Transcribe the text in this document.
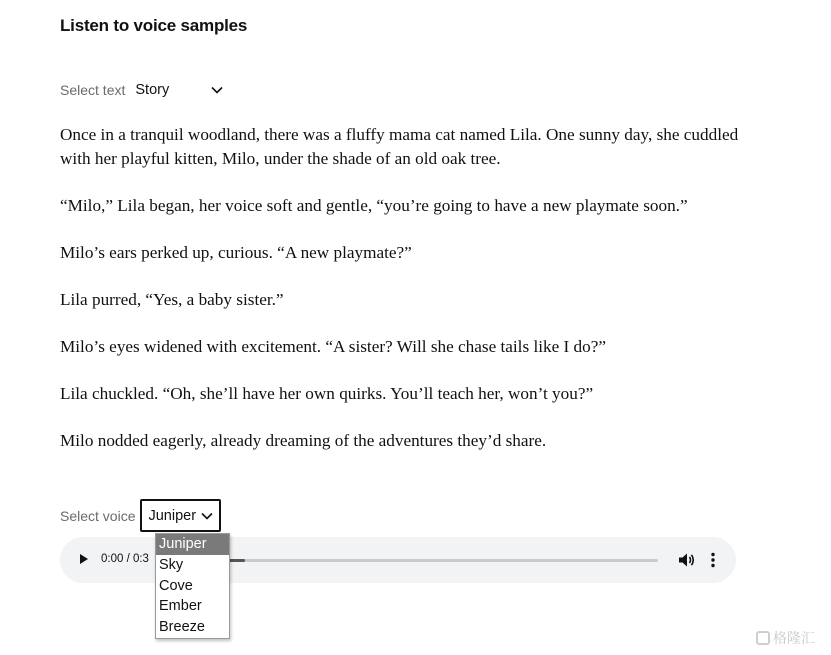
Listen to voice samples
Select text Story

Once in a tranquil woodland, there was a fluffy mama cat named Lila. One sunny day, she cuddled with her playful kitten, Milo, under the shade of an old oak tree.

“Milo,” Lila began, her voice soft and gentle, “you’re going to have a new playmate soon.”

Milo’s ears perked up, curious. “A new playmate?”

Lila purred, “Yes, a baby sister.”

Milo’s eyes widened with excitement. “A sister? Will she chase tails like I do?”

Lila chuckled. “Oh, she’ll have her own quirks. You’ll teach her, won’t you?”

Milo nodded eagerly, already dreaming of the adventures they’d share.

Select voice Juniper
0:00 / 0:3
Juniper
Sky
Cove
Ember
Breeze
格隆汇
